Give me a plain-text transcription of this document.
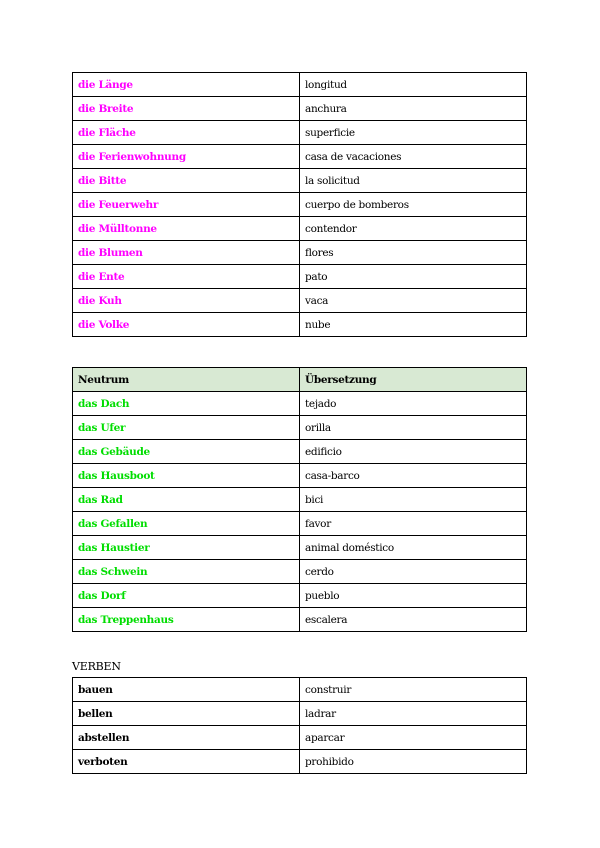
die Länge	longitud
die Breite	anchura
die Fläche	superficie
die Ferienwohnung	casa de vacaciones
die Bitte	la solicitud
die Feuerwehr	cuerpo de bomberos
die Mülltonne	contendor
die Blumen	flores
die Ente	pato
die Kuh	vaca
die Volke	nube
Neutrum	Übersetzung
das Dach	tejado
das Ufer	orilla
das Gebäude	edificio
das Hausboot	casa-barco
das Rad	bici
das Gefallen	favor
das Haustier	animal doméstico
das Schwein	cerdo
das Dorf	pueblo
das Treppenhaus	escalera
VERBEN
bauen	construir
bellen	ladrar
abstellen	aparcar
verboten	prohibido
